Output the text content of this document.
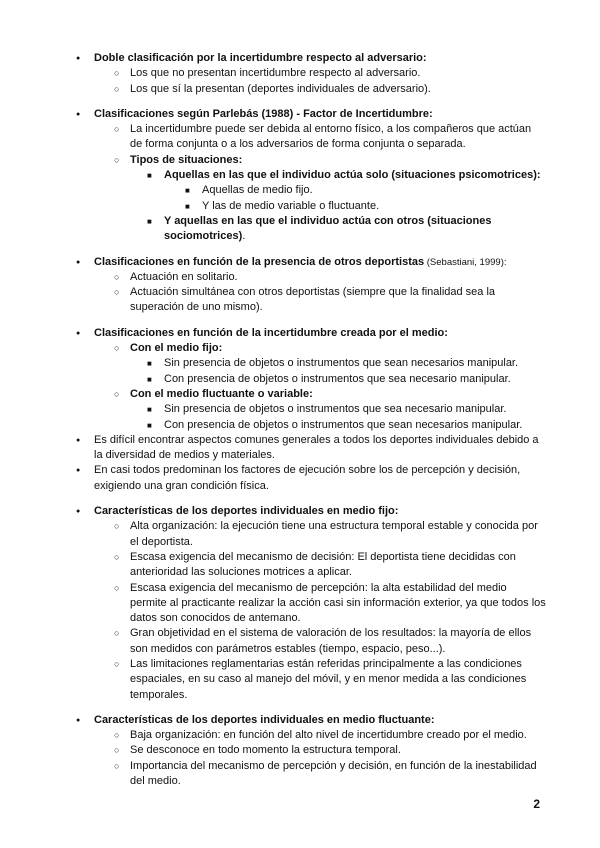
● Doble clasificación por la incertidumbre respecto al adversario:
○ Los que no presentan incertidumbre respecto al adversario.
○ Los que sí la presentan (deportes individuales de adversario).
● Clasificaciones según Parlebás (1988) - Factor de Incertidumbre:
○ La incertidumbre puede ser debida al entorno físico, a los compañeros que actúan de forma conjunta o a los adversarios de forma conjunta o separada.
○ Tipos de situaciones:
■ Aquellas en las que el individuo actúa solo (situaciones psicomotrices):
■ Aquellas de medio fijo.
■ Y las de medio variable o fluctuante.
■ Y aquellas en las que el individuo actúa con otros (situaciones sociomotrices).
● Clasificaciones en función de la presencia de otros deportistas (Sebastiani, 1999):
○ Actuación en solitario.
○ Actuación simultánea con otros deportistas (siempre que la finalidad sea la superación de uno mismo).
● Clasificaciones en función de la incertidumbre creada por el medio:
○ Con el medio fijo:
■ Sin presencia de objetos o instrumentos que sean necesarios manipular.
■ Con presencia de objetos o instrumentos que sea necesario manipular.
○ Con el medio fluctuante o variable:
■ Sin presencia de objetos o instrumentos que sea necesario manipular.
■ Con presencia de objetos o instrumentos que sean necesarios manipular.
● Es difícil encontrar aspectos comunes generales a todos los deportes individuales debido a la diversidad de medios y materiales.
● En casi todos predominan los factores de ejecución sobre los de percepción y decisión, exigiendo una gran condición física.
● Características de los deportes individuales en medio fijo:
○ Alta organización: la ejecución tiene una estructura temporal estable y conocida por el deportista.
○ Escasa exigencia del mecanismo de decisión: El deportista tiene decididas con anterioridad las soluciones motrices a aplicar.
○ Escasa exigencia del mecanismo de percepción: la alta estabilidad del medio permite al practicante realizar la acción casi sin información exterior, ya que todos los datos son conocidos de antemano.
○ Gran objetividad en el sistema de valoración de los resultados: la mayoría de ellos son medidos con parámetros estables (tiempo, espacio, peso...).
○ Las limitaciones reglamentarias están referidas principalmente a las condiciones espaciales, en su caso al manejo del móvil, y en menor medida a las condiciones temporales.
● Características de los deportes individuales en medio fluctuante:
○ Baja organización: en función del alto nivel de incertidumbre creado por el medio.
○ Se desconoce en todo momento la estructura temporal.
○ Importancia del mecanismo de percepción y decisión, en función de la inestabilidad del medio.
2
